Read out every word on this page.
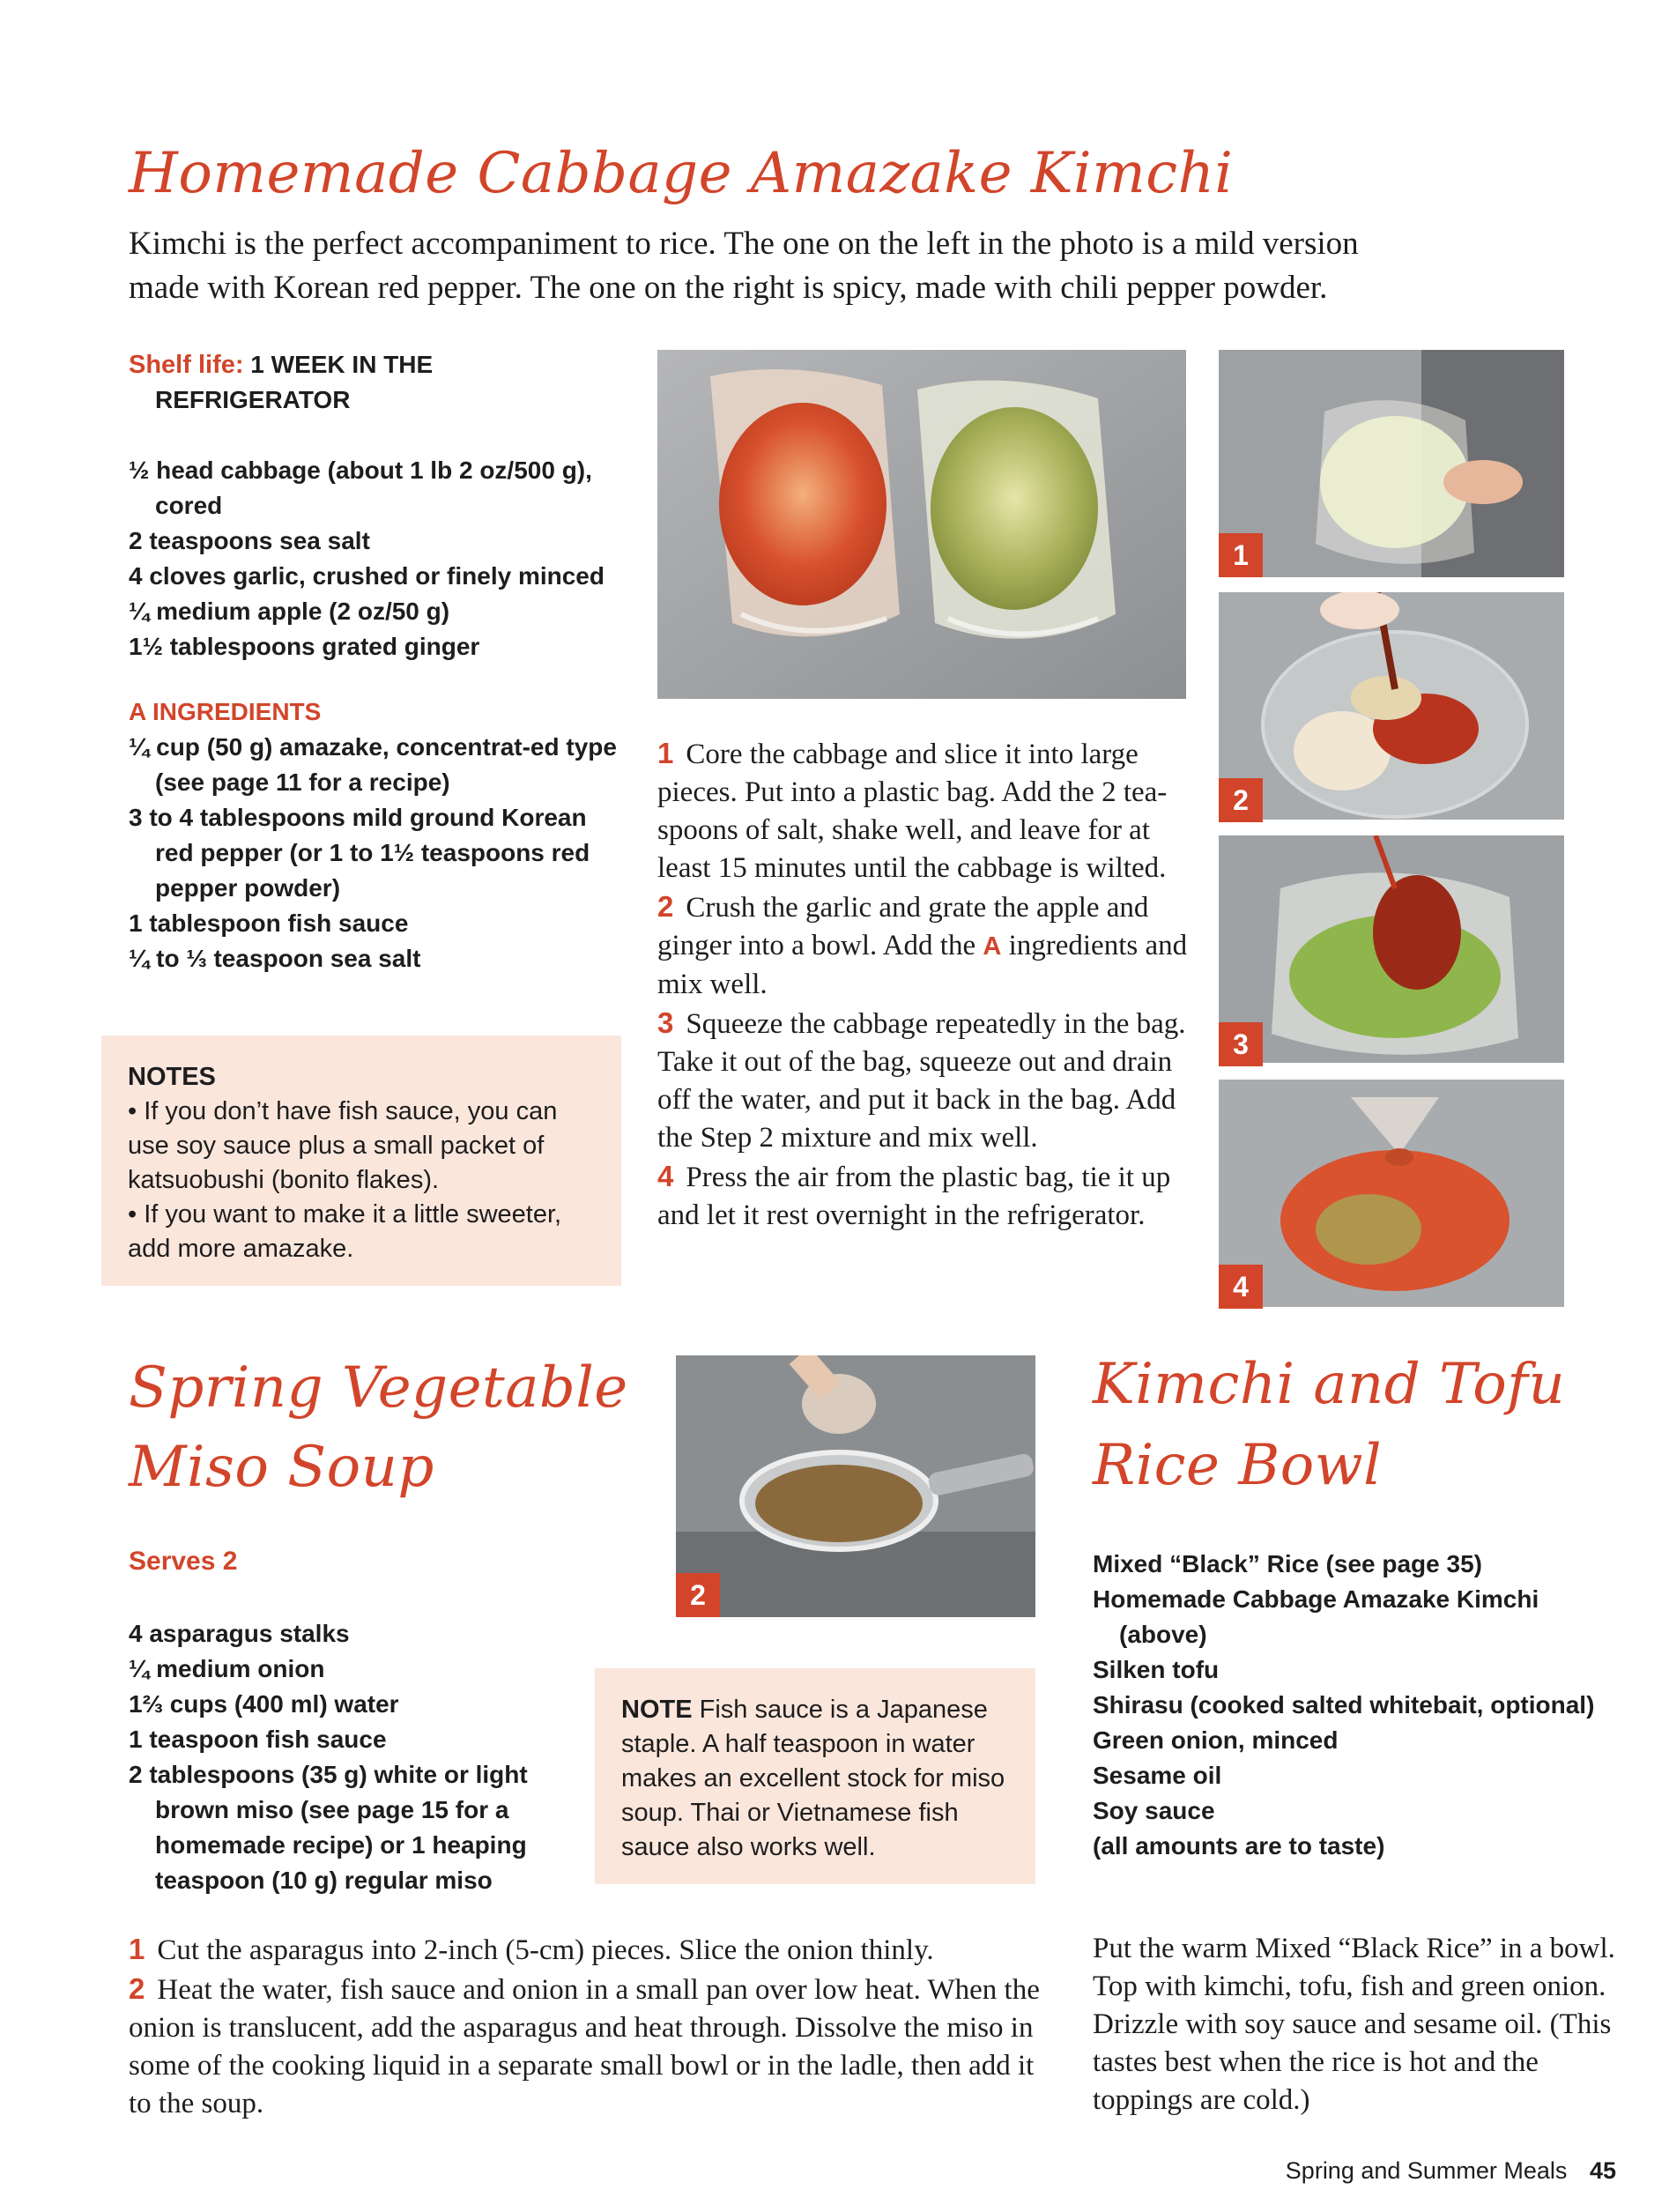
Homemade Cabbage Amazake Kimchi
Kimchi is the perfect accompaniment to rice. The one on the left in the photo is a mild version
made with Korean red pepper. The one on the right is spicy, made with chili pepper powder.
Shelf life: 1 WEEK IN THE
REFRIGERATOR
½ head cabbage (about 1 lb 2 oz/500 g), cored
2 teaspoons sea salt
4 cloves garlic, crushed or finely minced
¼ medium apple (2 oz/50 g)
1½ tablespoons grated ginger
A INGREDIENTS
¼ cup (50 g) amazake, concentrat-ed type (see page 11 for a recipe)
3 to 4 tablespoons mild ground Korean red pepper (or 1 to 1½ teaspoons red pepper powder)
1 tablespoon fish sauce
¼ to ⅓ teaspoon sea salt
NOTES
• If you don’t have fish sauce, you can use soy sauce plus a small packet of katsuobushi (bonito flakes).
• If you want to make it a little sweeter, add more amazake.
1 Core the cabbage and slice it into large pieces. Put into a plastic bag. Add the 2 tea-spoons of salt, shake well, and leave for at least 15 minutes until the cabbage is wilted.
2 Crush the garlic and grate the apple and ginger into a bowl. Add the A ingredients and mix well.
3 Squeeze the cabbage repeatedly in the bag. Take it out of the bag, squeeze out and drain off the water, and put it back in the bag. Add the Step 2 mixture and mix well.
4 Press the air from the plastic bag, tie it up and let it rest overnight in the refrigerator.
1
2
3
4
Spring Vegetable
Miso Soup
Serves 2
4 asparagus stalks
¼ medium onion
1⅔ cups (400 ml) water
1 teaspoon fish sauce
2 tablespoons (35 g) white or light brown miso (see page 15 for a homemade recipe) or 1 heaping teaspoon (10 g) regular miso
2
NOTE Fish sauce is a Japanese staple. A half teaspoon in water makes an excellent stock for miso soup. Thai or Vietnamese fish sauce also works well.
1 Cut the asparagus into 2-inch (5-cm) pieces. Slice the onion thinly.
2 Heat the water, fish sauce and onion in a small pan over low heat. When the onion is translucent, add the asparagus and heat through. Dissolve the miso in some of the cooking liquid in a separate small bowl or in the ladle, then add it to the soup.
Kimchi and Tofu
Rice Bowl
Mixed “Black” Rice (see page 35)
Homemade Cabbage Amazake Kimchi (above)
Silken tofu
Shirasu (cooked salted whitebait, optional)
Green onion, minced
Sesame oil
Soy sauce
(all amounts are to taste)
Put the warm Mixed “Black Rice” in a bowl. Top with kimchi, tofu, fish and green onion. Drizzle with soy sauce and sesame oil. (This tastes best when the rice is hot and the toppings are cold.)
Spring and Summer Meals 45
